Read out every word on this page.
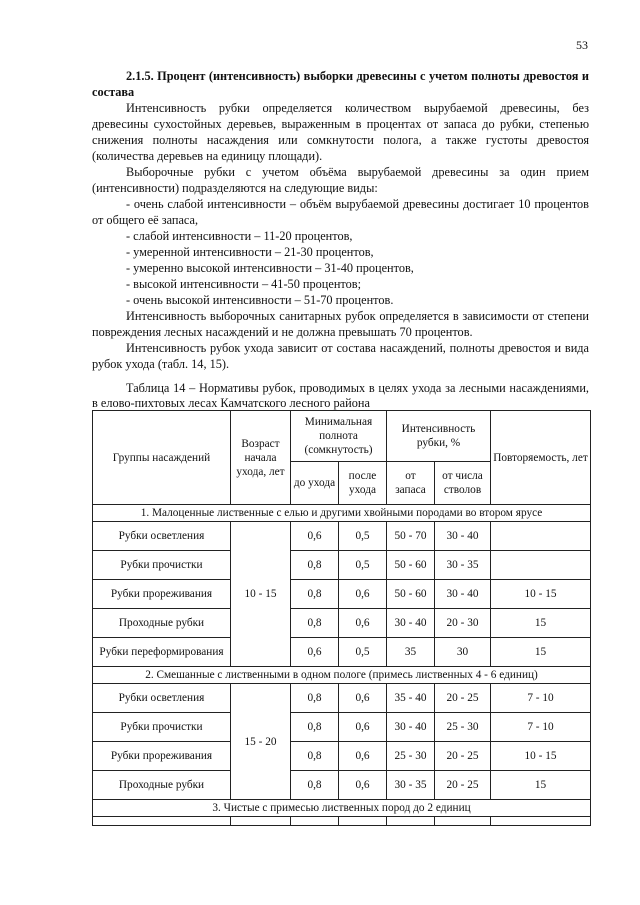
53

2.1.5. Процент (интенсивность) выборки древесины с учетом полноты древостоя и состава

Интенсивность рубки определяется количеством вырубаемой древесины, без древесины сухостойных деревьев, выраженным в процентах от запаса до рубки, степенью снижения полноты насаждения или сомкнутости полога, а также густоты древостоя (количества деревьев на единицу площади).

Выборочные рубки с учетом объёма вырубаемой древесины за один прием (интенсивности) подразделяются на следующие виды:

- очень слабой интенсивности – объём вырубаемой древесины достигает 10 процентов от общего её запаса,

- слабой интенсивности – 11-20 процентов,

- умеренной интенсивности – 21-30 процентов,

- умеренно высокой интенсивности – 31-40 процентов,

- высокой интенсивности – 41-50 процентов;

- очень высокой интенсивности – 51-70 процентов.

Интенсивность выборочных санитарных рубок определяется в зависимости от степени повреждения лесных насаждений и не должна превышать 70 процентов.

Интенсивность рубок ухода зависит от состава насаждений, полноты древостоя и вида рубок ухода (табл. 14, 15).

Таблица 14 – Нормативы рубок, проводимых в целях ухода за лесными насаждениями, в елово-пихтовых лесах Камчатского лесного района

Группы насаждений	Возраст начала ухода, лет	Минимальная полнота (сомкнутость)		Интенсивность рубки, %		Повторяемость, лет
		до ухода	после ухода	от запаса	от числа стволов	
1. Малоценные лиственные с елью и другими хвойными породами во втором ярусе						
Рубки осветления	10 - 15	0,6	0,5	50 - 70	30 - 40	
Рубки прочистки		0,8	0,5	50 - 60	30 - 35	
Рубки прореживания		0,8	0,6	50 - 60	30 - 40	10 - 15
Проходные рубки		0,8	0,6	30 - 40	20 - 30	15
Рубки переформирования		0,6	0,5	35	30	15
2. Смешанные с лиственными в одном пологе (примесь лиственных 4 - 6 единиц)						
Рубки осветления	15 - 20	0,8	0,6	35 - 40	20 - 25	7 - 10
Рубки прочистки		0,8	0,6	30 - 40	25 - 30	7 - 10
Рубки прореживания		0,8	0,6	25 - 30	20 - 25	10 - 15
Проходные рубки		0,8	0,6	30 - 35	20 - 25	15
3. Чистые с примесью лиственных пород до 2 единиц						
